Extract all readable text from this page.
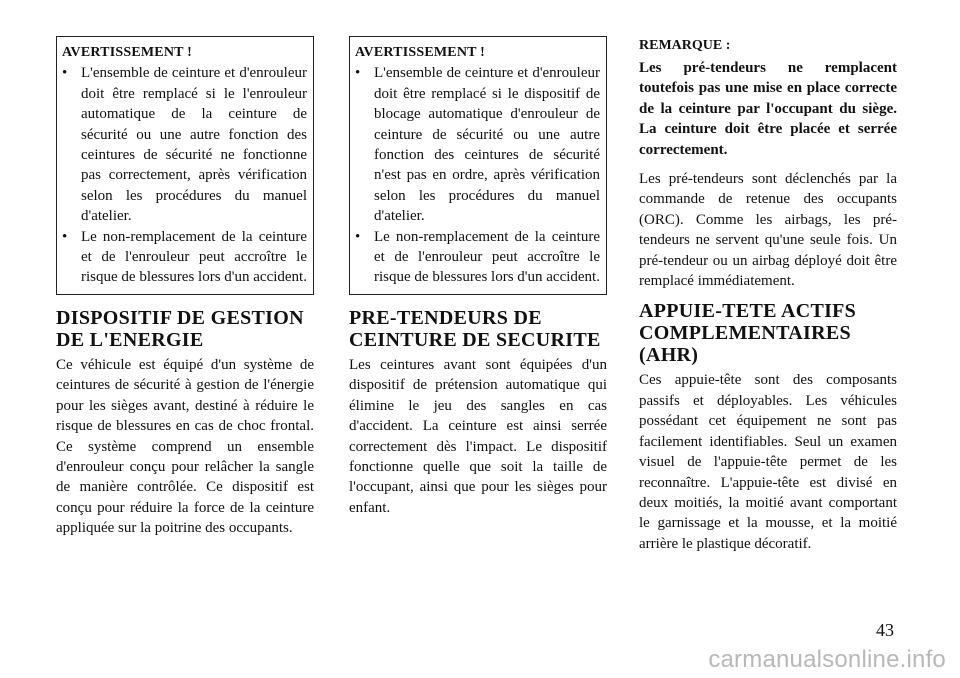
AVERTISSEMENT !
• L'ensemble de ceinture et d'enrouleur doit être remplacé si le l'enrouleur automatique de la ceinture de sécurité ou une autre fonction des ceintures de sécurité ne fonctionne pas correctement, après vérification selon les procédures du manuel d'atelier.
• Le non-remplacement de la ceinture et de l'enrouleur peut accroître le risque de blessures lors d'un accident.
DISPOSITIF DE GESTION DE L'ENERGIE

Ce véhicule est équipé d'un système de ceintures de sécurité à gestion de l'énergie pour les sièges avant, destiné à réduire le risque de blessures en cas de choc frontal. Ce système comprend un ensemble d'enrouleur conçu pour relâcher la sangle de manière contrôlée. Ce dispositif est conçu pour réduire la force de la ceinture appliquée sur la poitrine des occupants.

AVERTISSEMENT !
• L'ensemble de ceinture et d'enrouleur doit être remplacé si le dispositif de blocage automatique d'enrouleur de ceinture de sécurité ou une autre fonction des ceintures de sécurité n'est pas en ordre, après vérification selon les procédures du manuel d'atelier.
• Le non-remplacement de la ceinture et de l'enrouleur peut accroître le risque de blessures lors d'un accident.
PRE-TENDEURS DE CEINTURE DE SECURITE

Les ceintures avant sont équipées d'un dispositif de prétension automatique qui élimine le jeu des sangles en cas d'accident. La ceinture est ainsi serrée correctement dès l'impact. Le dispositif fonctionne quelle que soit la taille de l'occupant, ainsi que pour les sièges pour enfant.

REMARQUE :

Les pré-tendeurs ne remplacent toutefois pas une mise en place correcte de la ceinture par l'occupant du siège. La ceinture doit être placée et serrée correctement.

Les pré-tendeurs sont déclenchés par la commande de retenue des occupants (ORC). Comme les airbags, les pré-tendeurs ne servent qu'une seule fois. Un pré-tendeur ou un airbag déployé doit être remplacé immédiatement.

APPUIE-TETE ACTIFS COMPLEMENTAIRES (AHR)

Ces appuie-tête sont des composants passifs et déployables. Les véhicules possédant cet équipement ne sont pas facilement identifiables. Seul un examen visuel de l'appuie-tête permet de les reconnaître. L'appuie-tête est divisé en deux moitiés, la moitié avant comportant le garnissage et la mousse, et la moitié arrière le plastique décoratif.

43
carmanualsonline.info
